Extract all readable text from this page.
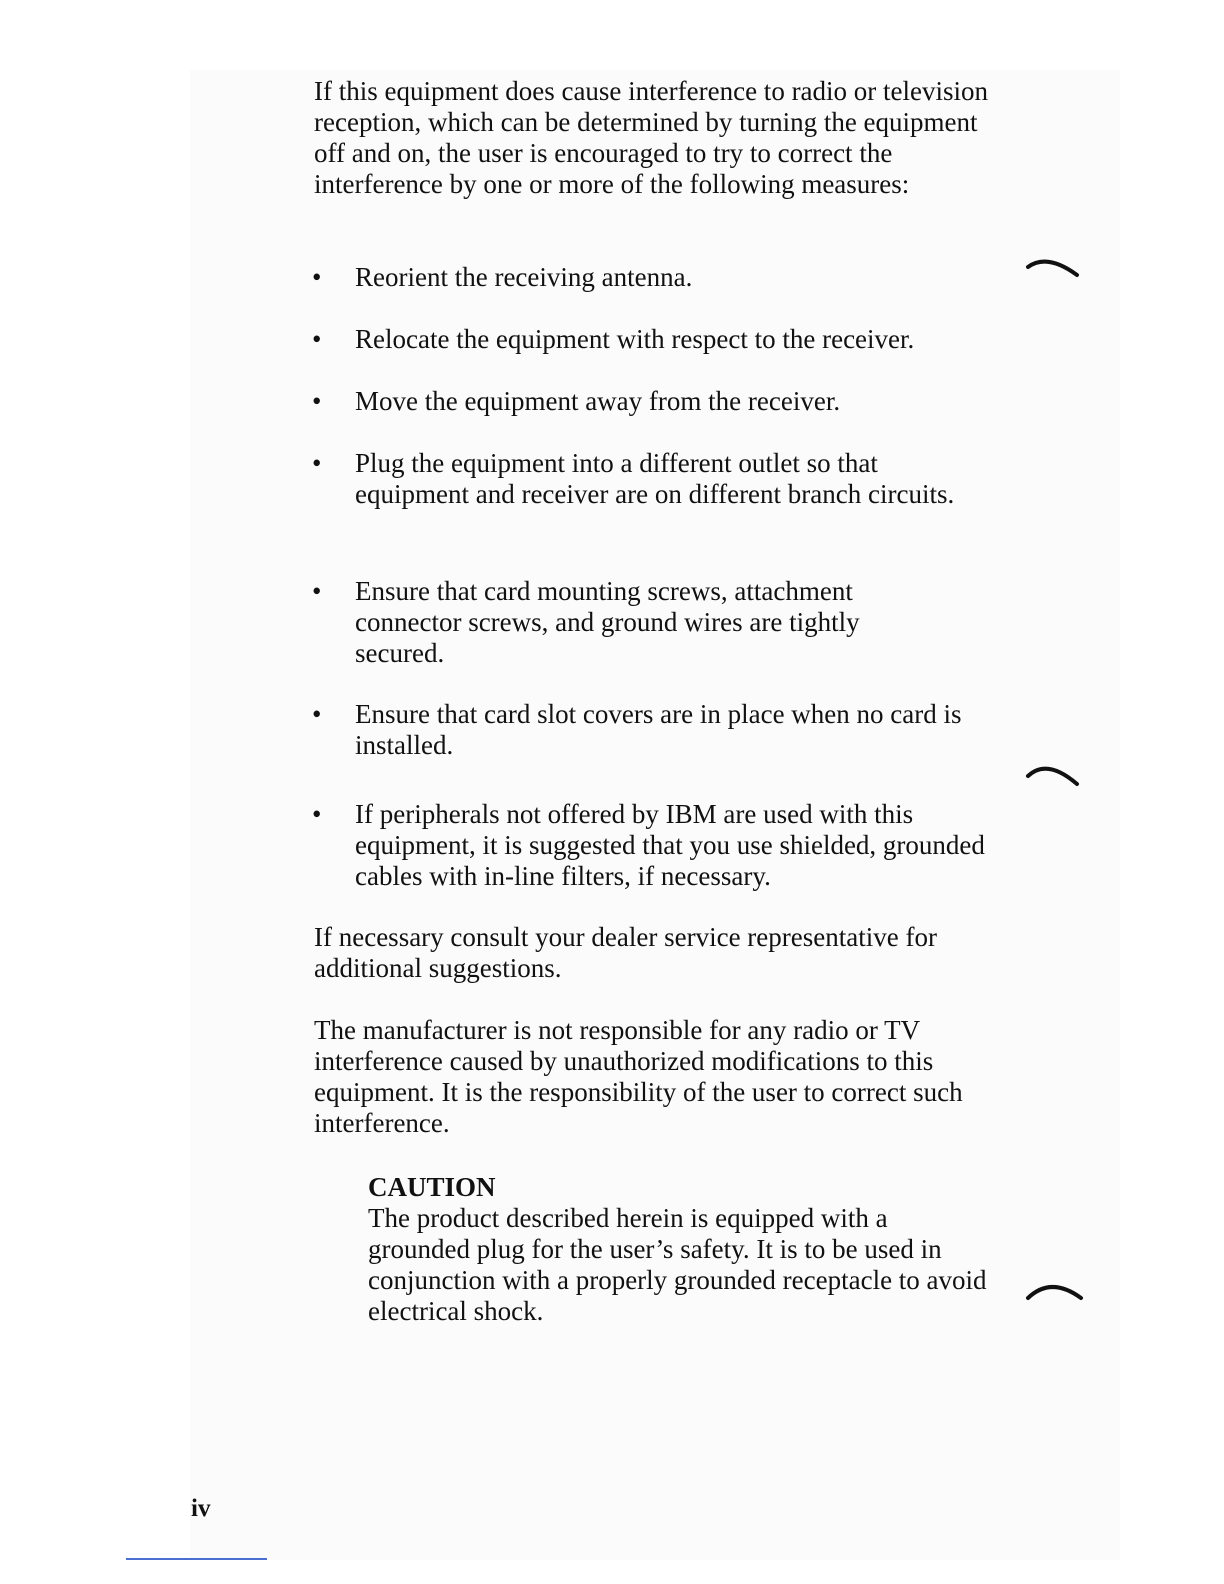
If this equipment does cause interference to radio or television reception, which can be determined by turning the equipment off and on, the user is encouraged to try to correct the interference by one or more of the following measures:

• Reorient the receiving antenna.
• Relocate the equipment with respect to the receiver.
• Move the equipment away from the receiver.
• Plug the equipment into a different outlet so that equipment and receiver are on different branch circuits.
• Ensure that card mounting screws, attachment connector screws, and ground wires are tightly secured.
• Ensure that card slot covers are in place when no card is installed.
• If peripherals not offered by IBM are used with this equipment, it is suggested that you use shielded, grounded cables with in-line filters, if necessary.

If necessary consult your dealer service representative for additional suggestions.

The manufacturer is not responsible for any radio or TV interference caused by unauthorized modifications to this equipment. It is the responsibility of the user to correct such interference.

CAUTION
The product described herein is equipped with a grounded plug for the user’s safety. It is to be used in conjunction with a properly grounded receptacle to avoid electrical shock.
iv
